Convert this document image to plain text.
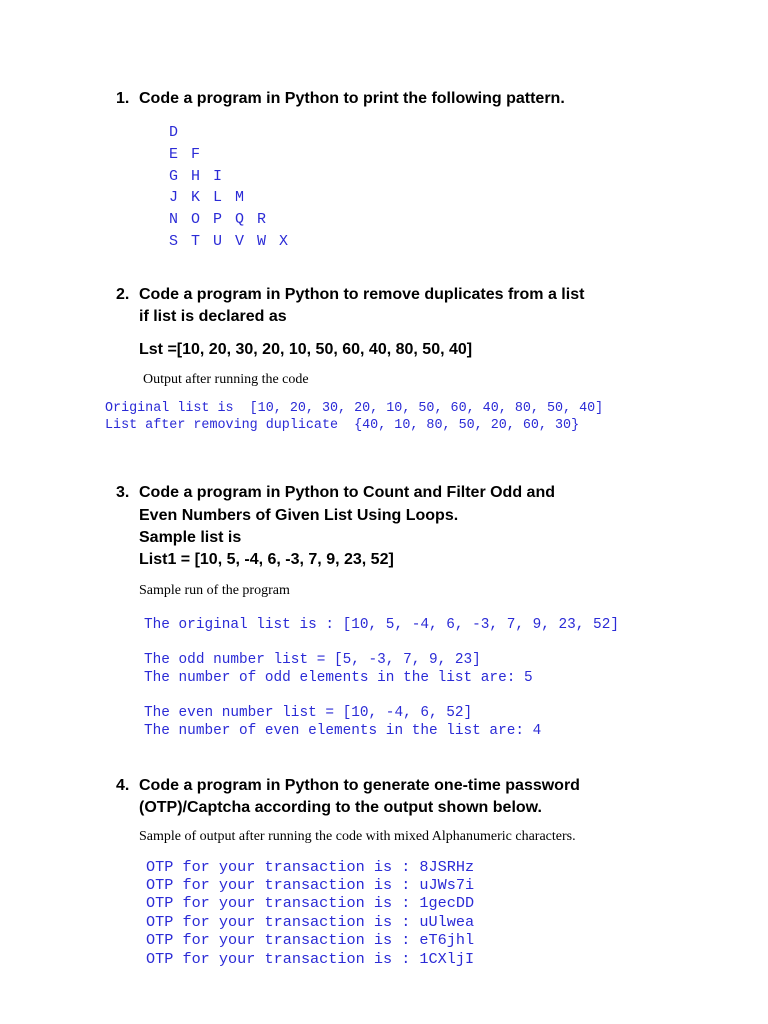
1. Code a program in Python to print the following pattern.
D
E F
G H I
J K L M
N O P Q R
S T U V W X
2. Code a program in Python to remove duplicates from a list
if list is declared as
Lst =[10, 20, 30, 20, 10, 50, 60, 40, 80, 50, 40]
Output after running the code
Original list is  [10, 20, 30, 20, 10, 50, 60, 40, 80, 50, 40]
List after removing duplicate  {40, 10, 80, 50, 20, 60, 30}
3. Code a program in Python to Count and Filter Odd and
Even Numbers of Given List Using Loops.
Sample list is
List1 = [10, 5, -4, 6, -3, 7, 9, 23, 52]
Sample run of the program
The original list is : [10, 5, -4, 6, -3, 7, 9, 23, 52]
The odd number list = [5, -3, 7, 9, 23]
The number of odd elements in the list are: 5
The even number list = [10, -4, 6, 52]
The number of even elements in the list are: 4
4. Code a program in Python to generate one-time password
(OTP)/Captcha according to the output shown below.
Sample of output after running the code with mixed Alphanumeric characters.
OTP for your transaction is : 8JSRHz
OTP for your transaction is : uJWs7i
OTP for your transaction is : 1gecDD
OTP for your transaction is : uUlwea
OTP for your transaction is : eT6jhl
OTP for your transaction is : 1CXljI
